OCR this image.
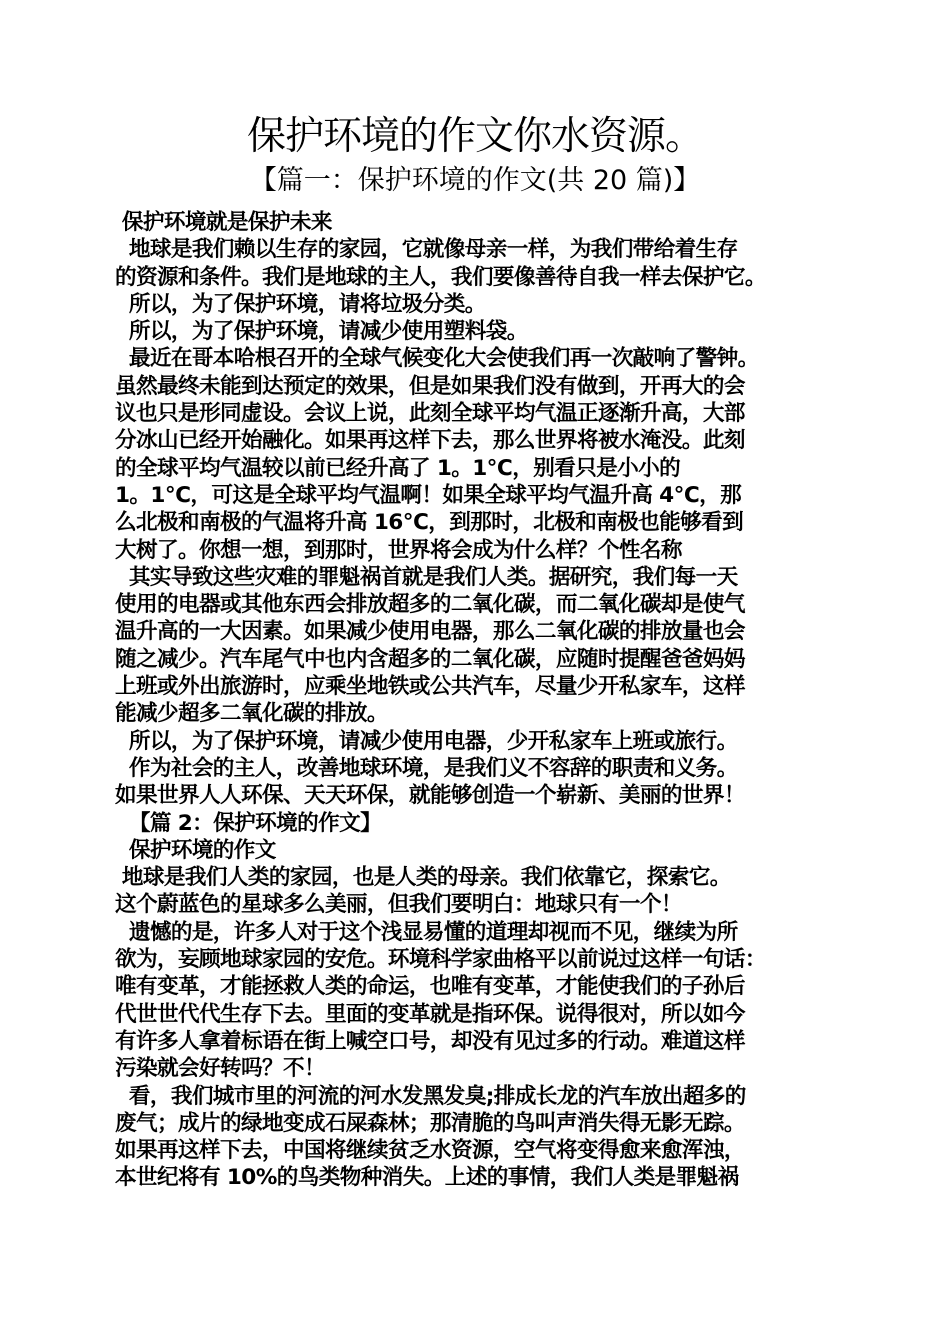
保护环境的作文你水资源。
【篇一：保护环境的作文(共 20 篇)】
保护环境就是保护未来
地球是我们赖以生存的家园，它就像母亲一样，为我们带给着生存
的资源和条件。我们是地球的主人，我们要像善待自我一样去保护它。
所以，为了保护环境，请将垃圾分类。
所以，为了保护环境，请减少使用塑料袋。
最近在哥本哈根召开的全球气候变化大会使我们再一次敲响了警钟。
虽然最终未能到达预定的效果，但是如果我们没有做到，开再大的会
议也只是形同虚设。会议上说，此刻全球平均气温正逐渐升高，大部
分冰山已经开始融化。如果再这样下去，那么世界将被水淹没。此刻
的全球平均气温较以前已经升高了 1。1℃，别看只是小小的
1。1℃，可这是全球平均气温啊！如果全球平均气温升高 4℃，那
么北极和南极的气温将升高 16℃，到那时，北极和南极也能够看到
大树了。你想一想，到那时，世界将会成为什么样？个性名称
其实导致这些灾难的罪魁祸首就是我们人类。据研究，我们每一天
使用的电器或其他东西会排放超多的二氧化碳，而二氧化碳却是使气
温升高的一大因素。如果减少使用电器，那么二氧化碳的排放量也会
随之减少。汽车尾气中也内含超多的二氧化碳，应随时提醒爸爸妈妈
上班或外出旅游时，应乘坐地铁或公共汽车，尽量少开私家车，这样
能减少超多二氧化碳的排放。
所以，为了保护环境，请减少使用电器，少开私家车上班或旅行。
作为社会的主人，改善地球环境，是我们义不容辞的职责和义务。
如果世界人人环保、天天环保，就能够创造一个崭新、美丽的世界！
【篇 2：保护环境的作文】
保护环境的作文
地球是我们人类的家园，也是人类的母亲。我们依靠它，探索它。
这个蔚蓝色的星球多么美丽，但我们要明白：地球只有一个！
遗憾的是，许多人对于这个浅显易懂的道理却视而不见，继续为所
欲为，妄顾地球家园的安危。环境科学家曲格平以前说过这样一句话：
唯有变革，才能拯救人类的命运，也唯有变革，才能使我们的子孙后
代世世代代生存下去。里面的变革就是指环保。说得很对，所以如今
有许多人拿着标语在街上喊空口号，却没有见过多的行动。难道这样
污染就会好转吗？不！
看，我们城市里的河流的河水发黑发臭;排成长龙的汽车放出超多的
废气；成片的绿地变成石屎森林；那清脆的鸟叫声消失得无影无踪。
如果再这样下去，中国将继续贫乏水资源，空气将变得愈来愈浑浊，
本世纪将有 10%的鸟类物种消失。上述的事情，我们人类是罪魁祸
